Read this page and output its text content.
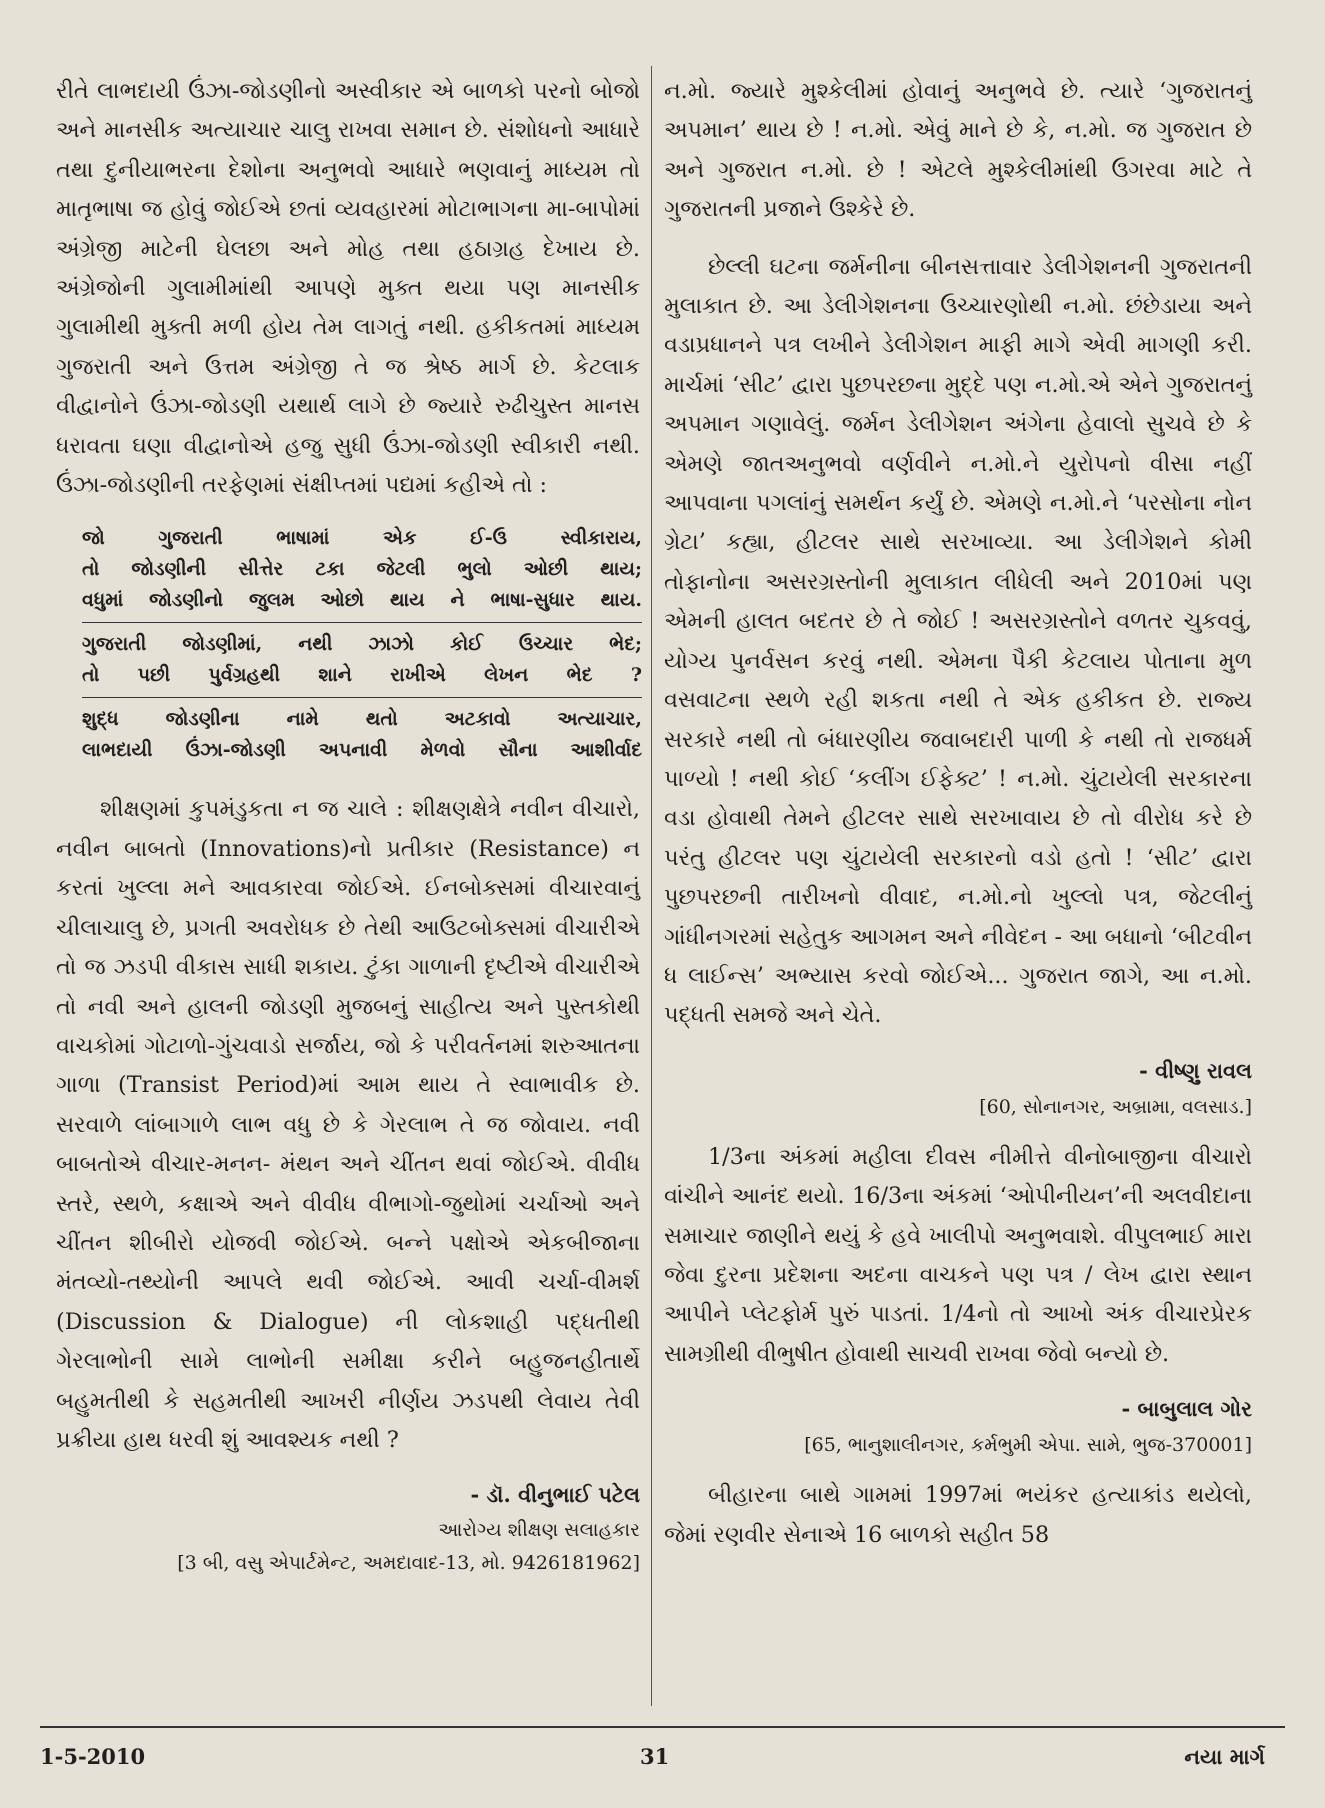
રીતે લાભદાયી ઉંઝા-જોડણીનો અસ્વીકાર એ બાળકો પરનો બોજો અને માનસીક અત્યાચાર ચાલુ રાખવા સમાન છે. સંશોધનો આધારે તથા દુનીયાભરના દેશોના અનુભવો આધારે ભણવાનું માધ્યમ તો માતૃભાષા જ હોવું જોઈએ છતાં વ્યવહારમાં મોટાભાગના મા-બાપોમાં અંગ્રેજી માટેની ઘેલછા અને મોહ તથા હઠાગ્રહ દેખાય છે. અંગ્રેજોની ગુલામીમાંથી આપણે મુક્ત થયા પણ માનસીક ગુલામીથી મુક્તી મળી હોય તેમ લાગતું નથી. હકીકતમાં માધ્યમ ગુજરાતી અને ઉત્તમ અંગ્રેજી તે જ શ્રેષ્ઠ માર્ગ છે. કેટલાક વીદ્વાનોને ઉંઝા-જોડણી યથાર્થ લાગે છે જ્યારે રુઢીચુસ્ત માનસ ધરાવતા ઘણા વીદ્વાનોએ હજુ સુધી ઉંઝા-જોડણી સ્વીકારી નથી. ઉંઝા-જોડણીની તરફેણમાં સંક્ષીપ્તમાં પદ્યમાં કહીએ તો :

જો ગુજરાતી ભાષામાં એક ઈ-ઉ સ્વીકારાય,
તો જોડણીની સીત્તેર ટકા જેટલી ભુલો ઓછી થાય;
વધુમાં જોડણીનો જુલમ ઓછો થાય ને ભાષા-સુધાર થાય.
ગુજરાતી જોડણીમાં, નથી ઝાઝો કોઈ ઉચ્ચાર ભેદ;
તો પછી પુર્વગ્રહથી શાને રાખીએ લેખન ભેદ ?
શુદ્ધ જોડણીના નામે થતો અટકાવો અત્યાચાર,
લાભદાયી ઉંઝા-જોડણી અપનાવી મેળવો સૌના આશીર્વાદ

શીક્ષણમાં કુપમંડુકતા ન જ ચાલે : શીક્ષણક્ષેત્રે નવીન વીચારો, નવીન બાબતો (Innovations)નો પ્રતીકાર (Resistance) ન કરતાં ખુલ્લા મને આવકારવા જોઈએ. ઈનબોક્સમાં વીચારવાનું ચીલાચાલુ છે, પ્રગતી અવરોધક છે તેથી આઉટબોક્સમાં વીચારીએ તો જ ઝડપી વીકાસ સાધી શકાય. ટુંકા ગાળાની દૃષ્ટીએ વીચારીએ તો નવી અને હાલની જોડણી મુજબનું સાહીત્ય અને પુસ્તકોથી વાચકોમાં ગોટાળો-ગુંચવાડો સર્જાય, જો કે પરીવર્તનમાં શરુઆતના ગાળા (Transist Period)માં આમ થાય તે સ્વાભાવીક છે. સરવાળે લાંબાગાળે લાભ વધુ છે કે ગેરલાભ તે જ જોવાય. નવી બાબતોએ વીચાર-મનન- મંથન અને ચીંતન થવાં જોઈએ. વીવીધ સ્તરે, સ્થળે, કક્ષાએ અને વીવીધ વીભાગો-જુથોમાં ચર્ચાઓ અને ચીંતન શીબીરો યોજવી જોઈએ. બન્ને પક્ષોએ એકબીજાના મંતવ્યો-તથ્યોની આપલે થવી જોઈએ. આવી ચર્ચા-વીમર્શ (Discussion & Dialogue) ની લોકશાહી પદ્ધતીથી ગેરલાભોની સામે લાભોની સમીક્ષા કરીને બહુજનહીતાર્થે બહુમતીથી કે સહમતીથી આખરી નીર્ણય ઝડપથી લેવાય તેવી પ્રક્રીયા હાથ ધરવી શું આવશ્યક નથી ?

- ડૉ. વીનુભાઈ પટેલ
આરોગ્ય શીક્ષણ સલાહકાર
[3 બી, વસુ એપાર્ટમેન્ટ, અમદાવાદ-13, મો. 9426181962]

ન.મો. જ્યારે મુશ્કેલીમાં હોવાનું અનુભવે છે. ત્યારે ‘ગુજરાતનું અપમાન’ થાય છે ! ન.મો. એવું માને છે કે, ન.મો. જ ગુજરાત છે અને ગુજરાત ન.મો. છે ! એટલે મુશ્કેલીમાંથી ઉગરવા માટે તે ગુજરાતની પ્રજાને ઉશ્કેરે છે.

છેલ્લી ઘટના જર્મનીના બીનસત્તાવાર ડેલીગેશનની ગુજરાતની મુલાકાત છે. આ ડેલીગેશનના ઉચ્ચારણોથી ન.મો. છંછેડાયા અને વડાપ્રધાનને પત્ર લખીને ડેલીગેશન માફી માગે એવી માગણી કરી. માર્ચમાં ‘સીટ’ દ્વારા પુછપરછના મુદ્દે પણ ન.મો.એ એને ગુજરાતનું અપમાન ગણાવેલું. જર્મન ડેલીગેશન અંગેના હેવાલો સુચવે છે કે એમણે જાતઅનુભવો વર્ણવીને ન.મો.ને યુરોપનો વીસા નહીં આપવાના પગલાંનું સમર્થન કર્યું છે. એમણે ન.મો.ને ‘પરસોના નોન ગ્રેટા’ કહ્યા, હીટલર સાથે સરખાવ્યા. આ ડેલીગેશને કોમી તોફાનોના અસરગ્રસ્તોની મુલાકાત લીધેલી અને 2010માં પણ એમની હાલત બદતર છે તે જોઈ ! અસરગ્રસ્તોને વળતર ચુકવવું, યોગ્ય પુનર્વસન કરવું નથી. એમના પૈકી કેટલાય પોતાના મુળ વસવાટના સ્થળે રહી શકતા નથી તે એક હકીકત છે. રાજ્ય સરકારે નથી તો બંધારણીય જવાબદારી પાળી કે નથી તો રાજધર્મ પાળ્યો ! નથી કોઈ ‘કલીંગ ઈફેક્ટ’ ! ન.મો. ચુંટાયેલી સરકારના વડા હોવાથી તેમને હીટલર સાથે સરખાવાય છે તો વીરોધ કરે છે પરંતુ હીટલર પણ ચુંટાયેલી સરકારનો વડો હતો ! ‘સીટ’ દ્વારા પુછપરછની તારીખનો વીવાદ, ન.મો.નો ખુલ્લો પત્ર, જેટલીનું ગાંધીનગરમાં સહેતુક આગમન અને નીવેદન - આ બધાનો ‘બીટવીન ધ લાઈન્સ’ અભ્યાસ કરવો જોઈએ... ગુજરાત જાગે, આ ન.મો. પદ્ધતી સમજે અને ચેતે.

- વીષ્ણુ રાવલ
[60, સોનાનગર, અબ્રામા, વલસાડ.]

1/3ના અંકમાં મહીલા દીવસ નીમીત્તે વીનોબાજીના વીચારો વાંચીને આનંદ થયો. 16/3ના અંકમાં ‘ઓપીનીયન’ની અલવીદાના સમાચાર જાણીને થયું કે હવે ખાલીપો અનુભવાશે. વીપુલભાઈ મારા જેવા દુરના પ્રદેશના અદના વાચકને પણ પત્ર / લેખ દ્વારા સ્થાન આપીને પ્લેટફોર્મ પુરું પાડતાં. 1/4નો તો આખો અંક વીચારપ્રેરક સામગ્રીથી વીભુષીત હોવાથી સાચવી રાખવા જેવો બન્યો છે.

- બાબુલાલ ગોર
[65, ભાનુશાલીનગર, કર્મભુમી એપા. સામે, ભુજ-370001]

બીહારના બાથે ગામમાં 1997માં ભયંકર હત્યાકાંડ થયેલો, જેમાં રણવીર સેનાએ 16 બાળકો સહીત 58

1-5-2010	31	નયા માર્ગ
